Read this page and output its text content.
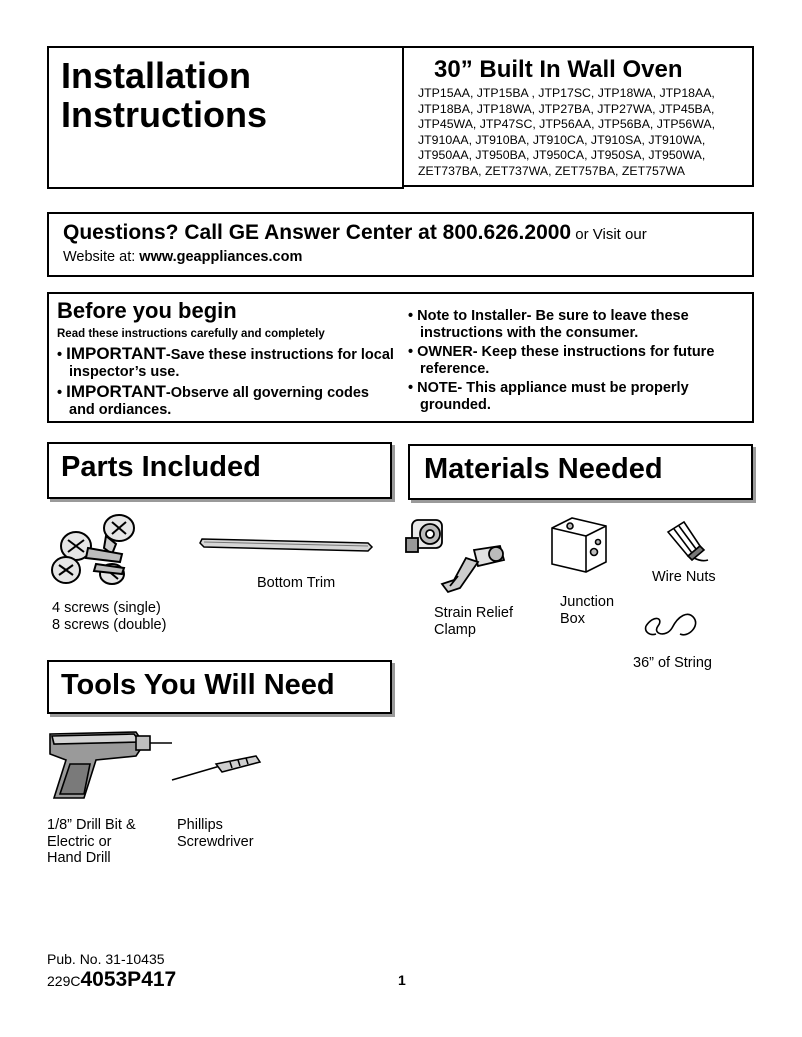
Installation
Instructions
30” Built In Wall Oven
JTP15AA, JTP15BA , JTP17SC, JTP18WA, JTP18AA,
JTP18BA, JTP18WA, JTP27BA, JTP27WA, JTP45BA,
JTP45WA, JTP47SC, JTP56AA, JTP56BA, JTP56WA,
JT910AA, JT910BA, JT910CA, JT910SA, JT910WA,
JT950AA, JT950BA, JT950CA, JT950SA, JT950WA,
ZET737BA, ZET737WA, ZET757BA, ZET757WA
Questions? Call GE Answer Center at 800.626.2000 or Visit our
Website at: www.geappliances.com
Before you begin
Read these instructions carefully and completely
• IMPORTANT-Save these instructions for local inspector’s use.
• IMPORTANT-Observe all governing codes and ordiances.
• Note to Installer- Be sure to leave these instructions with the consumer.
• OWNER- Keep these instructions for future reference.
• NOTE- This appliance must be properly grounded.
Parts Included
Bottom Trim
4 screws (single)
8 screws (double)
Materials Needed
Strain Relief
Clamp
Junction
Box
Wire Nuts
36” of String
Tools You Will Need
1/8” Drill Bit &
Electric or
Hand Drill
Phillips
Screwdriver
Pub. No. 31-10435
229C4053P417	1
